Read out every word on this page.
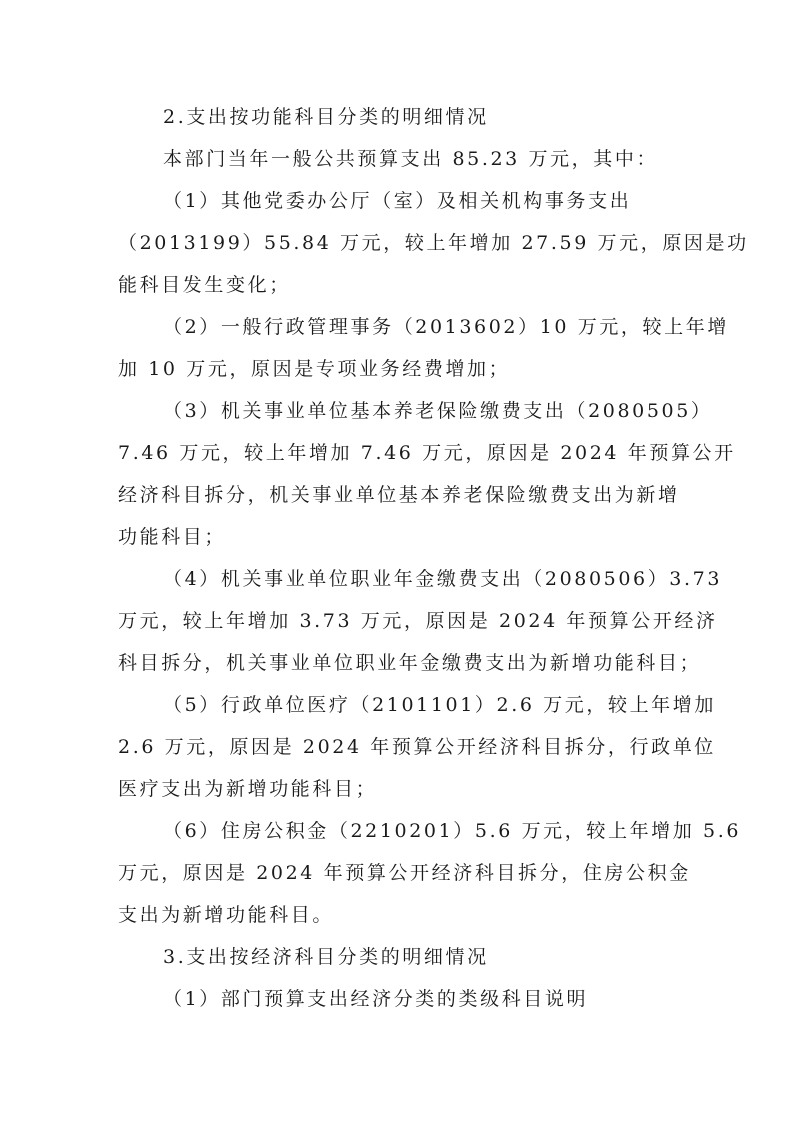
2.支出按功能科目分类的明细情况
本部门当年一般公共预算支出 85.23 万元，其中：
（1）其他党委办公厅（室）及相关机构事务支出
（2013199）55.84 万元，较上年增加 27.59 万元，原因是功
能科目发生变化；
（2）一般行政管理事务（2013602）10 万元，较上年增
加 10 万元，原因是专项业务经费增加；
（3）机关事业单位基本养老保险缴费支出（2080505）
7.46 万元，较上年增加 7.46 万元，原因是 2024 年预算公开
经济科目拆分，机关事业单位基本养老保险缴费支出为新增
功能科目；
（4）机关事业单位职业年金缴费支出（2080506）3.73
万元，较上年增加 3.73 万元，原因是 2024 年预算公开经济
科目拆分，机关事业单位职业年金缴费支出为新增功能科目；
（5）行政单位医疗（2101101）2.6 万元，较上年增加
2.6 万元，原因是 2024 年预算公开经济科目拆分，行政单位
医疗支出为新增功能科目；
（6）住房公积金（2210201）5.6 万元，较上年增加 5.6
万元，原因是 2024 年预算公开经济科目拆分，住房公积金
支出为新增功能科目。
3.支出按经济科目分类的明细情况
（1）部门预算支出经济分类的类级科目说明
